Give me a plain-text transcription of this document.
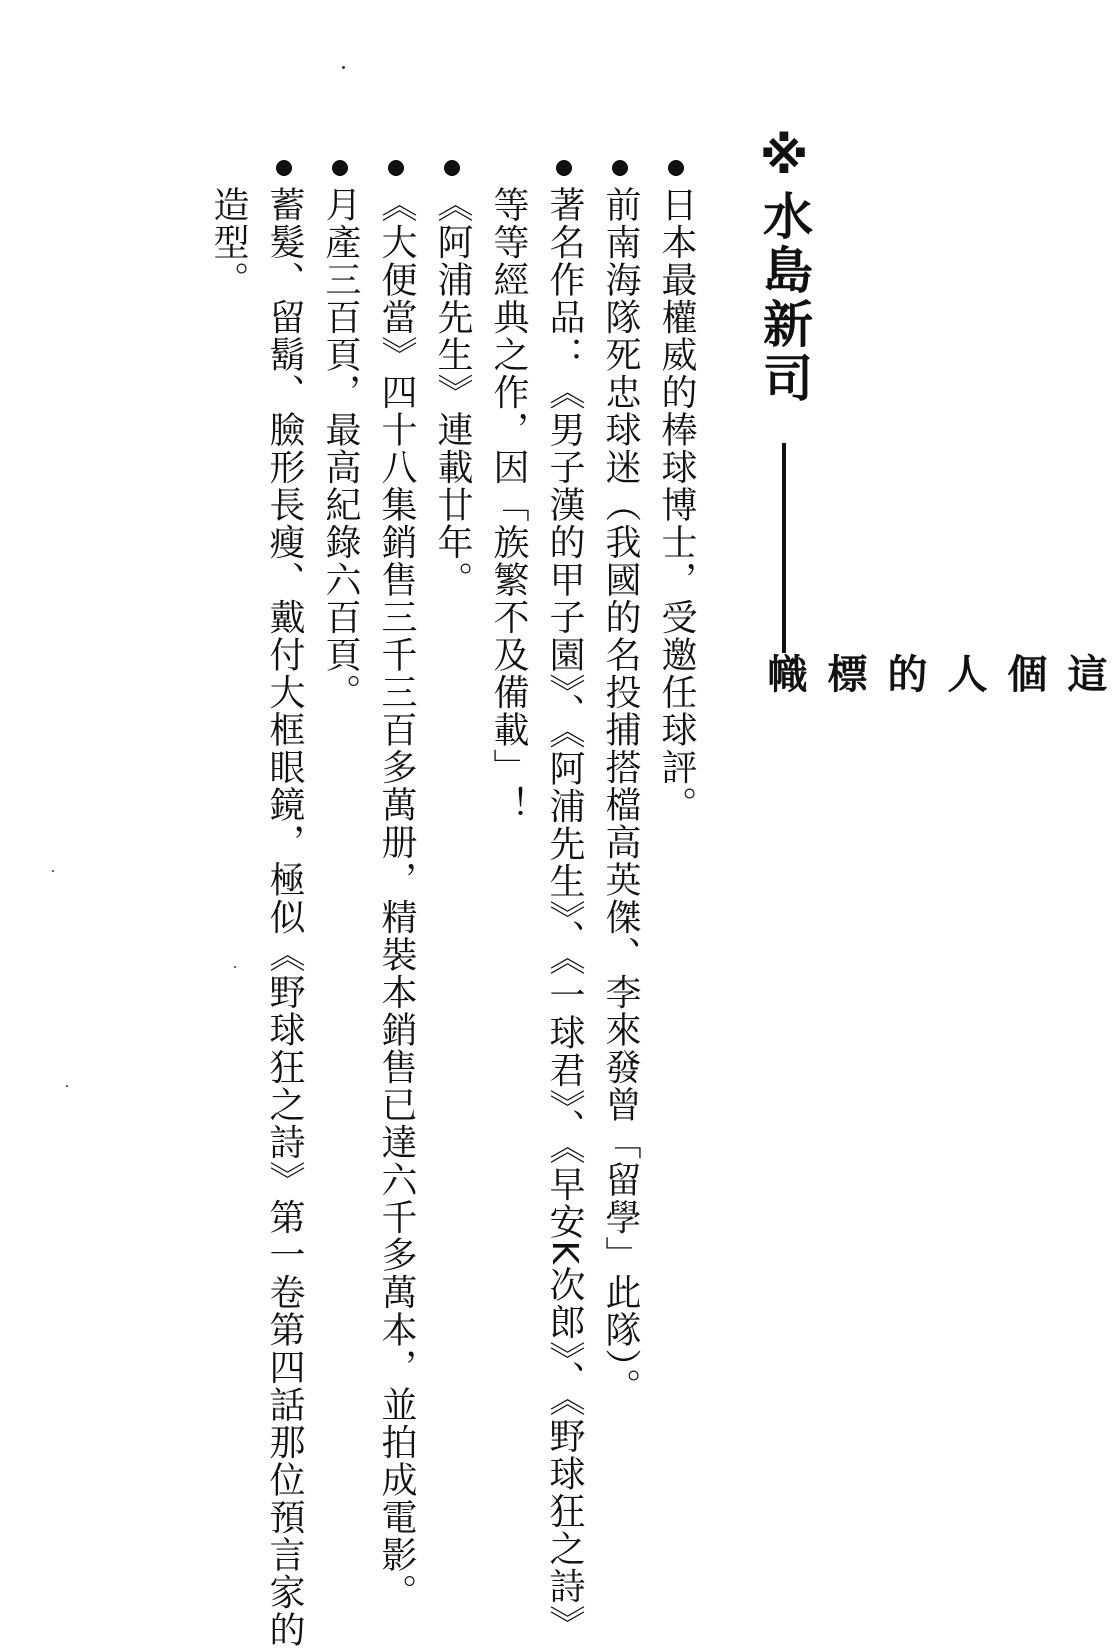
※
水島新司
這個人的標幟
日本最權威的棒球博士，受邀任球評。
前南海隊死忠球迷（我國的名投捕搭檔高英傑、李來發曾「留學」此隊）。
著名作品：《男子漢的甲子園》、《阿浦先生》、《一球君》、《早安K次郎》、《野球狂之詩》
等等經典之作，因「族繁不及備載」！
《阿浦先生》連載廿年。
《大便當》四十八集銷售三千三百多萬册，精裝本銷售已達六千多萬本，並拍成電影。
月產三百頁，最高紀錄六百頁。
蓄髮、留鬍、臉形長瘦、戴付大框眼鏡，極似《野球狂之詩》第一卷第四話那位預言家的
造型。
